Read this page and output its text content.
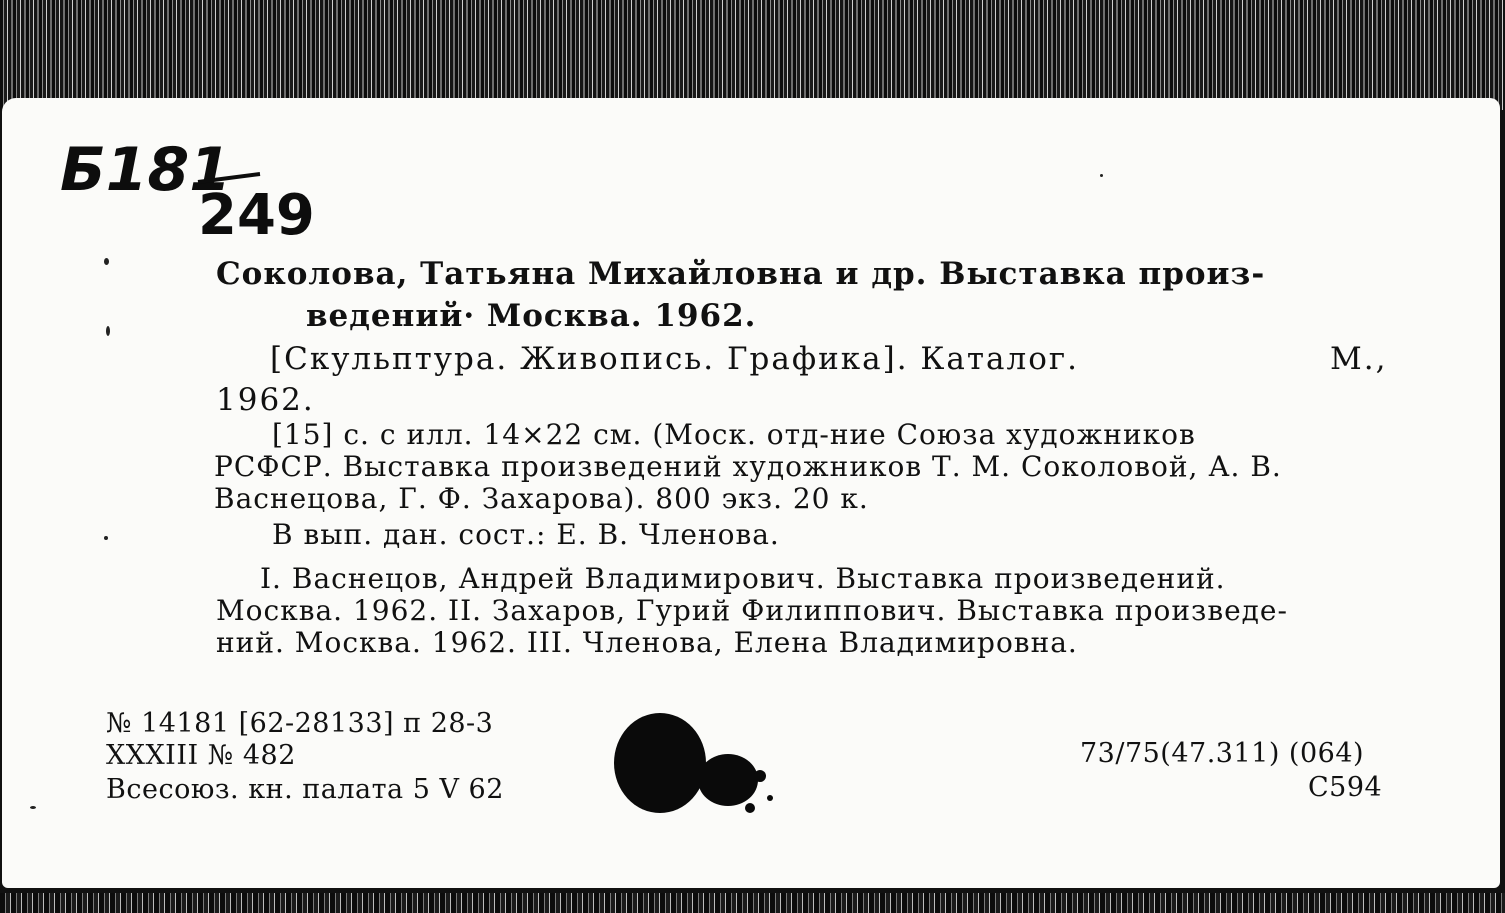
Б181
249

Соколова, Татьяна Михайловна и др. Выставка произ-

ведений· Москва. 1962.

[Скульптура. Живопись. Графика]. Каталог.	М.,

1962.

[15] с. с илл. 14×22 см. (Моск. отд-ние Союза художников

РСФСР. Выставка произведений художников Т. М. Соколовой, А. В.

Васнецова, Г. Ф. Захарова). 800 экз. 20 к.

В вып. дан. сост.: Е. В. Членова.

I. Васнецов, Андрей Владимирович. Выставка произведений.

Москва. 1962. II. Захаров, Гурий Филиппович. Выставка произведе-

ний. Москва. 1962. III. Членова, Елена Владимировна.

№ 14181 [62-28133] п 28-3

XXXIII № 482

Всесоюз. кн. палата 5 V 62

73/75(47.311) (064)

С594
